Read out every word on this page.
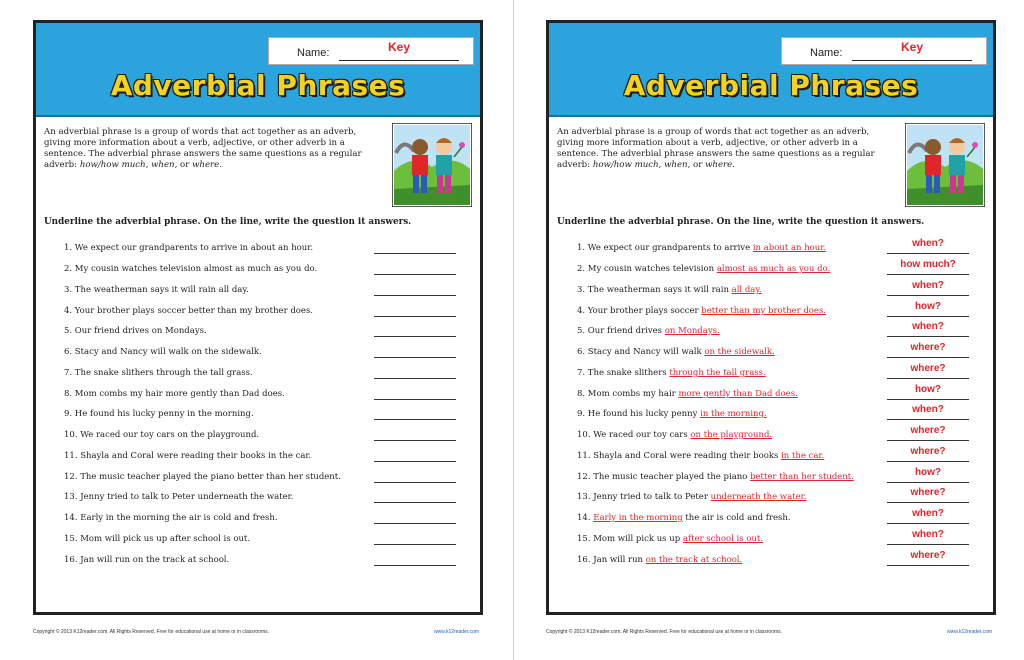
Name:	Key
Adverbial Phrases
An adverbial phrase is a group of words that act together as an adverb, giving more information about a verb, adjective, or other adverb in a sentence. The adverbial phrase answers the same questions as a regular adverb: how/how much, when, or where.
Underline the adverbial phrase. On the line, write the question it answers.
1. We expect our grandparents to arrive in about an hour.
2. My cousin watches television almost as much as you do.
3. The weatherman says it will rain all day.
4. Your brother plays soccer better than my brother does.
5. Our friend drives on Mondays.
6. Stacy and Nancy will walk on the sidewalk.
7. The snake slithers through the tall grass.
8. Mom combs my hair more gently than Dad does.
9. He found his lucky penny in the morning.
10. We raced our toy cars on the playground.
11. Shayla and Coral were reading their books in the car.
12. The music teacher played the piano better than her student.
13. Jenny tried to talk to Peter underneath the water.
14. Early in the morning the air is cold and fresh.
15. Mom will pick us up after school is out.
16. Jan will run on the track at school.
Name:	Key
Adverbial Phrases
An adverbial phrase is a group of words that act together as an adverb, giving more information about a verb, adjective, or other adverb in a sentence. The adverbial phrase answers the same questions as a regular adverb: how/how much, when, or where.
Underline the adverbial phrase. On the line, write the question it answers.
1. We expect our grandparents to arrive in about an hour.	when?
2. My cousin watches television almost as much as you do.	how much?
3. The weatherman says it will rain all day.	when?
4. Your brother plays soccer better than my brother does.	how?
5. Our friend drives on Mondays.	when?
6. Stacy and Nancy will walk on the sidewalk.	where?
7. The snake slithers through the tall grass.	where?
8. Mom combs my hair more gently than Dad does.	how?
9. He found his lucky penny in the morning.	when?
10. We raced our toy cars on the playground.	where?
11. Shayla and Coral were reading their books in the car.	where?
12. The music teacher played the piano better than her student.	how?
13. Jenny tried to talk to Peter underneath the water.	where?
14. Early in the morning the air is cold and fresh.	when?
15. Mom will pick us up after school is out.	when?
16. Jan will run on the track at school.	where?
Copyright © 2013 K12reader.com. All Rights Reserved. Free for educational use at home or in classrooms.	www.k12reader.com	Copyright © 2013 K12reader.com. All Rights Reserved. Free for educational use at home or in classrooms.	www.k12reader.com
